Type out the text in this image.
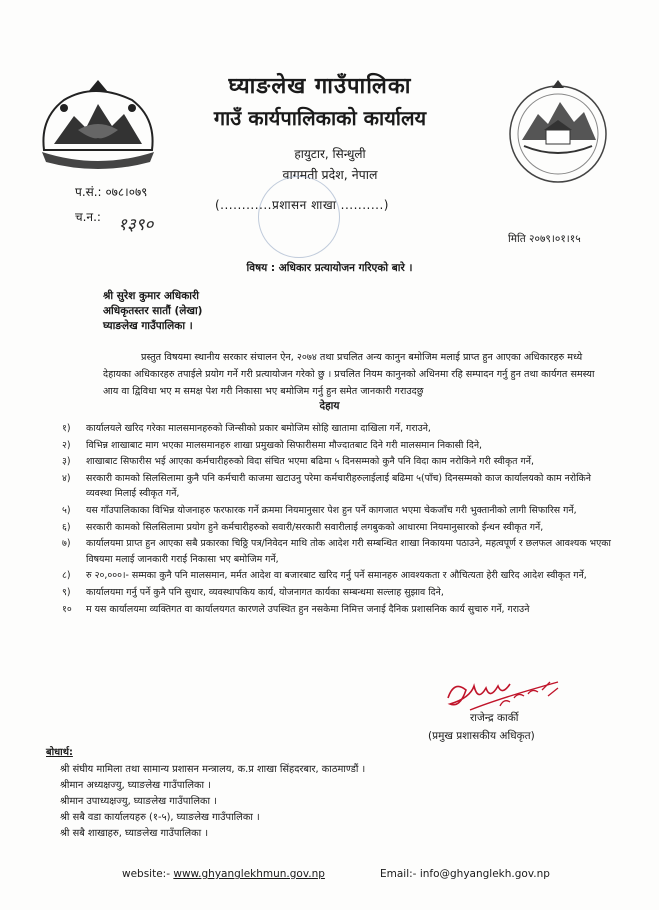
घ्याङलेख गाउँपालिका
गाउँ कार्यपालिकाको कार्यालय
हायुटार, सिन्धुली
वागमती प्रदेश, नेपाल
प.सं.: ०७८।०७९
च.न.: १३९०
(............प्रशासन शाखा ..........)
मिति २०७९।०१।१५
विषय : अधिकार प्रत्यायोजन गरिएको बारे ।
श्री सुरेश कुमार अधिकारी
अधिकृतस्तर सातौं (लेखा)
घ्याङलेख गाउँपालिका ।
प्रस्तुत विषयमा स्थानीय सरकार संचालन ऐन, २०७४ तथा प्रचलित अन्य कानुन बमोजिम मलाई प्राप्त हुन आएका अधिकारहरु मध्ये देहायका अधिकारहरु तपाईले प्रयोग गर्ने गरी प्रत्यायोजन गरेको छु । प्रचलित नियम कानुनको अधिनमा रहि सम्पादन गर्नु हुन तथा कार्यगत समस्या आय वा द्विविधा भए म समक्ष पेश गरी निकासा भए बमोजिम गर्नु हुन समेत जानकारी गराउदछु
देहाय
१)	कार्यालयले खरिद गरेका मालसमानहरुको जिन्सीको प्रकार बमोजिम सोहि खातामा दाखिला गर्ने, गराउने,
२)	विभिन्न शाखाबाट माग भएका मालसमानहरु शाखा प्रमुखको सिफारीसमा मौज्दातबाट दिने गरी मालसमान निकासी दिने,
३)	शाखाबाट सिफारीस भई आएका कर्मचारीहरुको विदा संचित भएमा बढिमा ५ दिनसम्मको कुनै पनि विदा काम नरोकिने गरी स्वीकृत गर्ने,
४)	सरकारी कामको सिलसिलामा कुनै पनि कर्मचारी काजमा खटाउनु परेमा कर्मचारीहरुलाईलाई बढिमा ५(पाँच) दिनसम्मको काज कार्यालयको काम नरोकिने व्यवस्था मिलाई स्वीकृत गर्ने,
५)	यस गाँउपालिकाका विभिन्न योजनाहरु फरफारक गर्ने क्रममा नियमानुसार पेश हुन पर्ने कागजात भएमा चेकजाँच गरी भुक्तानीको लागी सिफारिस गर्ने,
६)	सरकारी कामको सिलसिलामा प्रयोग हुने कर्मचारीहरुको सवारी/सरकारी सवारीलाई लगबुकको आधारमा नियमानुसारको ईन्धन स्वीकृत गर्ने,
७)	कार्यालयमा प्राप्त हुन आएका सबै प्रकारका चिठ्ठि पत्र/निवेदन माथि तोक आदेश गरी सम्बन्धित शाखा निकायमा पठाउने, महत्वपूर्ण र छलफल आवश्यक भएका विषयमा मलाई जानकारी गराई निकासा भए बमोजिम गर्ने,
८)	रु २०,०००।- सम्मका कुनै पनि मालसमान, मर्मत आदेश वा बजारबाट खरिद गर्नु पर्ने समानहरु आवश्यकता र औचित्यता हेरी खरिद आदेश स्वीकृत गर्ने,
९)	कार्यालयमा गर्नु पर्ने कुनै पनि सुधार, व्यवस्थापकिय कार्य, योजनागत कार्यका सम्बन्धमा सल्लाह सुझाव दिने,
१०	म यस कार्यालयमा व्यक्तिगत वा कार्यालयगत कारणले उपस्थित हुन नसकेमा निमित्त जनाई दैनिक प्रशासनिक कार्य सुचारु गर्ने, गराउने
राजेन्द्र कार्की
(प्रमुख प्रशासकीय अधिकृत)
बोधार्थ:
श्री संघीय मामिला तथा सामान्य प्रशासन मन्त्रालय, क.प्र शाखा सिंहदरबार, काठमाण्डौं ।
श्रीमान अध्यक्षज्यु, घ्याङलेख गाउँपालिका ।
श्रीमान उपाध्यक्षज्यु, घ्याङलेख गाउँपालिका ।
श्री सबै वडा कार्यालयहरु (१-५), घ्याङलेख गाउँपालिका ।
श्री सबै शाखाहरु, घ्याङलेख गाउँपालिका ।
website:- www.ghyanglekhmun.gov.np	Email:- info@ghyanglekh.gov.np
